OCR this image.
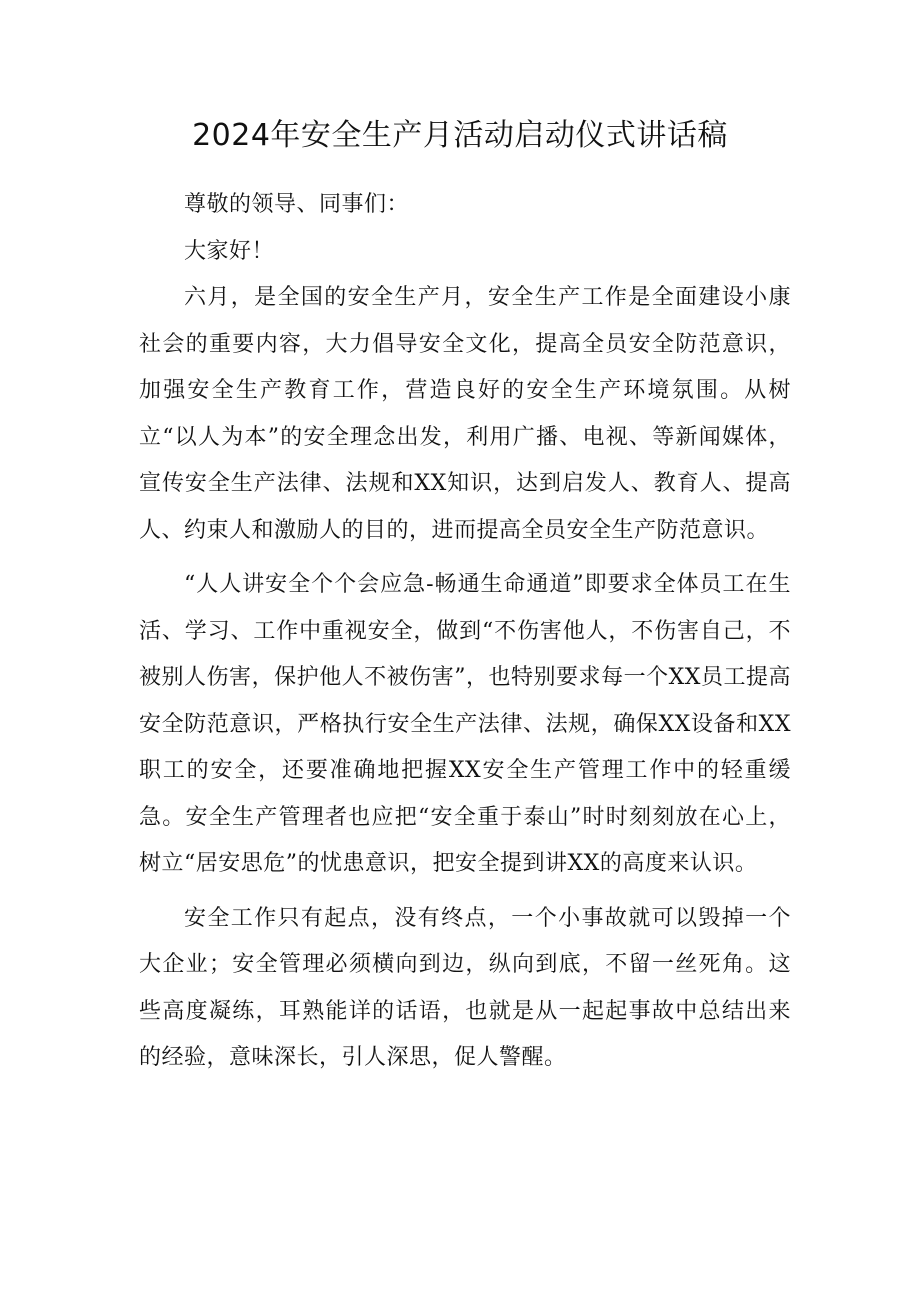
2024年安全生产月活动启动仪式讲话稿

尊敬的领导、同事们：

大家好！

六月，是全国的安全生产月，安全生产工作是全面建设小康社会的重要内容，大力倡导安全文化，提高全员安全防范意识，加强安全生产教育工作，营造良好的安全生产环境氛围。从树立“以人为本”的安全理念出发，利用广播、电视、等新闻媒体，宣传安全生产法律、法规和XX知识，达到启发人、教育人、提高人、约束人和激励人的目的，进而提高全员安全生产防范意识。

“人人讲安全个个会应急-畅通生命通道”即要求全体员工在生活、学习、工作中重视安全，做到“不伤害他人，不伤害自己，不被别人伤害，保护他人不被伤害”，也特别要求每一个XX员工提高安全防范意识，严格执行安全生产法律、法规，确保XX设备和XX职工的安全，还要准确地把握XX安全生产管理工作中的轻重缓急。安全生产管理者也应把“安全重于泰山”时时刻刻放在心上，树立“居安思危”的忧患意识，把安全提到讲XX的高度来认识。

安全工作只有起点，没有终点，一个小事故就可以毁掉一个大企业；安全管理必须横向到边，纵向到底，不留一丝死角。这些高度凝练，耳熟能详的话语，也就是从一起起事故中总结出来的经验，意味深长，引人深思，促人警醒。
